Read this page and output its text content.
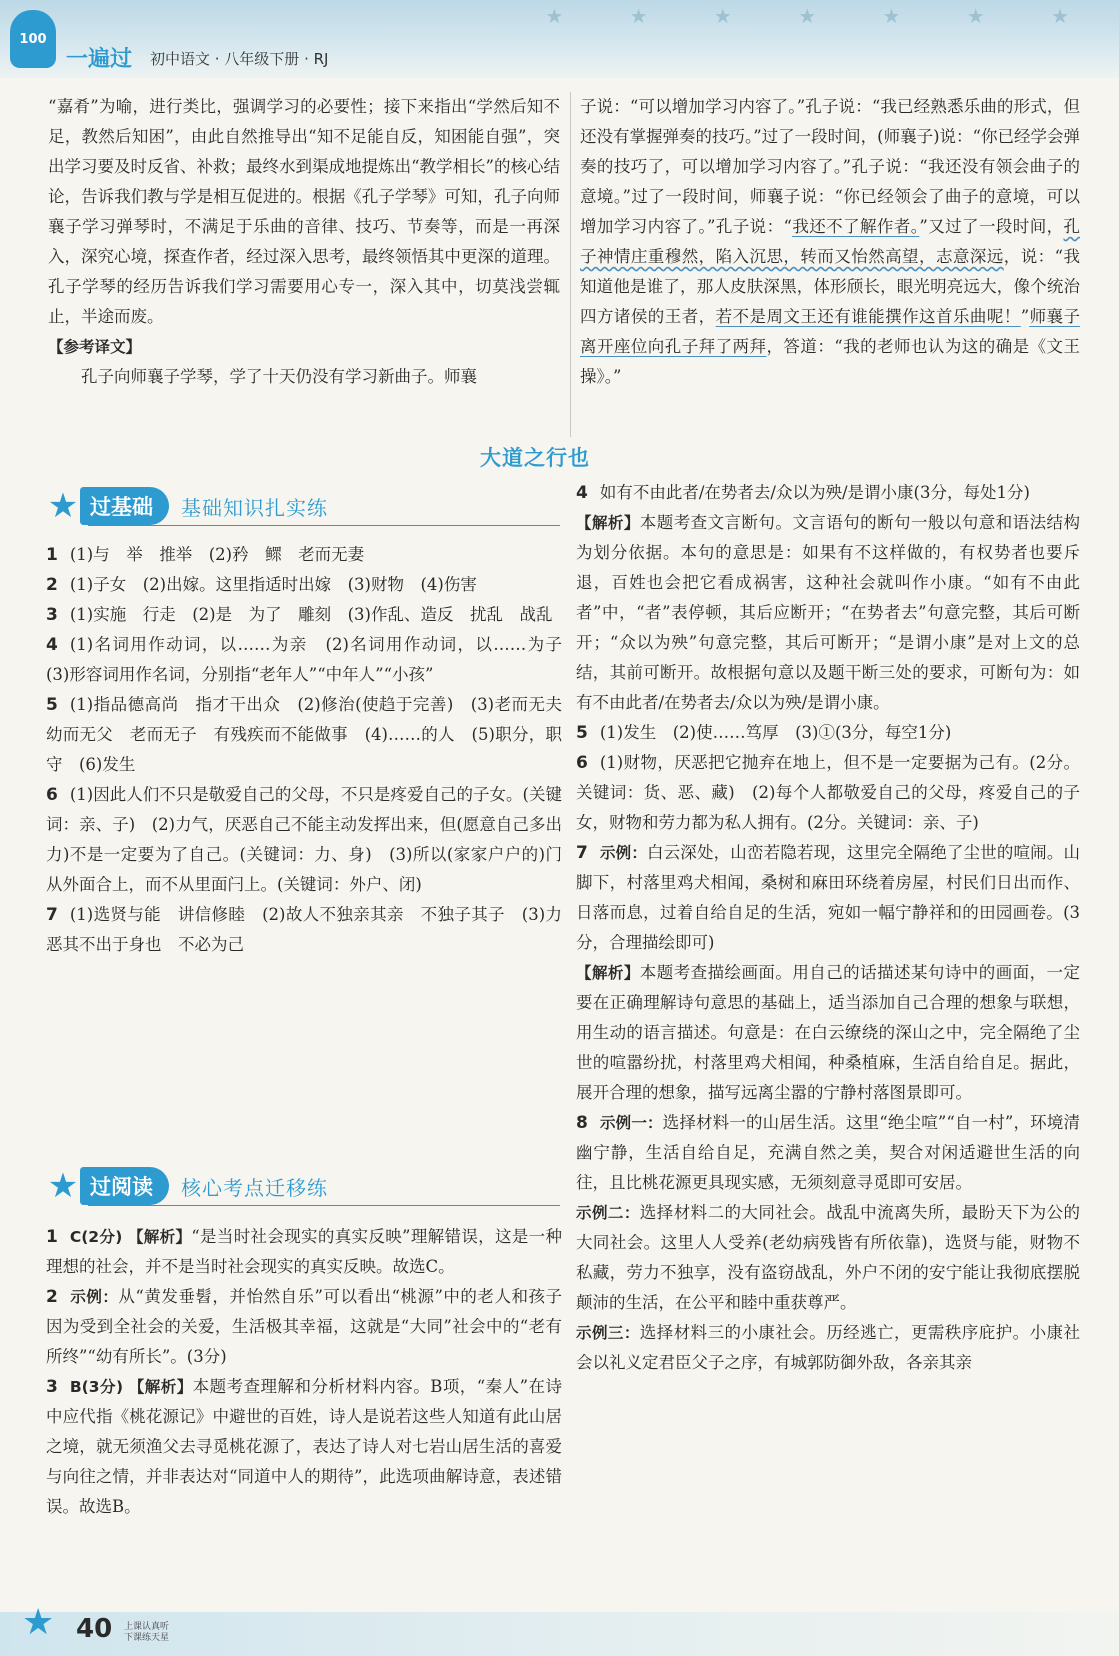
★ ★ ★ ★ ★ ★ ★
100
一遍过 初中语文 · 八年级下册 · RJ

“嘉肴”为喻，进行类比，强调学习的必要性；接下来指出“学然后知不足，教然后知困”，由此自然推导出“知不足能自反，知困能自强”，突出学习要及时反省、补救；最终水到渠成地提炼出“教学相长”的核心结论，告诉我们教与学是相互促进的。根据《孔子学琴》可知，孔子向师襄子学习弹琴时，不满足于乐曲的音律、技巧、节奏等，而是一再深入，深究心境，探查作者，经过深入思考，最终领悟其中更深的道理。孔子学琴的经历告诉我们学习需要用心专一，深入其中，切莫浅尝辄止，半途而废。

【参考译文】

孔子向师襄子学琴，学了十天仍没有学习新曲子。师襄

子说：“可以增加学习内容了。”孔子说：“我已经熟悉乐曲的形式，但还没有掌握弹奏的技巧。”过了一段时间，(师襄子)说：“你已经学会弹奏的技巧了，可以增加学习内容了。”孔子说：“我还没有领会曲子的意境。”过了一段时间，师襄子说：“你已经领会了曲子的意境，可以增加学习内容了。”孔子说：“我还不了解作者。”又过了一段时间，孔子神情庄重穆然，陷入沉思，转而又怡然高望，志意深远，说：“我知道他是谁了，那人皮肤深黑，体形颀长，眼光明亮远大，像个统治四方诸侯的王者，若不是周文王还有谁能撰作这首乐曲呢！”师襄子离开座位向孔子拜了两拜，答道：“我的老师也认为这的确是《文王操》。”

大道之行也
★ 过基础	基础知识扎实练

1 (1)与　举　推举　(2)矜　鳏　老而无妻

2 (1)子女　(2)出嫁。这里指适时出嫁　(3)财物　(4)伤害

3 (1)实施　行走　(2)是　为了　雕刻　(3)作乱、造反　扰乱　战乱

4 (1)名词用作动词，以……为亲　(2)名词用作动词，以……为子　(3)形容词用作名词，分别指“老年人”“中年人”“小孩”

5 (1)指品德高尚　指才干出众　(2)修治(使趋于完善)　(3)老而无夫　幼而无父　老而无子　有残疾而不能做事　(4)……的人　(5)职分，职守　(6)发生

6 (1)因此人们不只是敬爱自己的父母，不只是疼爱自己的子女。(关键词：亲、子)　(2)力气，厌恶自己不能主动发挥出来，但(愿意自己多出力)不是一定要为了自己。(关键词：力、身)　(3)所以(家家户户的)门从外面合上，而不从里面闩上。(关键词：外户、闭)

7 (1)选贤与能　讲信修睦　(2)故人不独亲其亲　不独子其子　(3)力　恶其不出于身也　不必为己

★ 过阅读	核心考点迁移练

1 C(2分) 【解析】“是当时社会现实的真实反映”理解错误，这是一种理想的社会，并不是当时社会现实的真实反映。故选C。

2 示例：从“黄发垂髫，并怡然自乐”可以看出“桃源”中的老人和孩子因为受到全社会的关爱，生活极其幸福，这就是“大同”社会中的“老有所终”“幼有所长”。(3分)

3 B(3分) 【解析】本题考查理解和分析材料内容。B项，“秦人”在诗中应代指《桃花源记》中避世的百姓，诗人是说若这些人知道有此山居之境，就无须渔父去寻觅桃花源了，表达了诗人对七岩山居生活的喜爱与向往之情，并非表达对“同道中人的期待”，此选项曲解诗意，表述错误。故选B。

4 如有不由此者/在势者去/众以为殃/是谓小康(3分，每处1分)

【解析】本题考查文言断句。文言语句的断句一般以句意和语法结构为划分依据。本句的意思是：如果有不这样做的，有权势者也要斥退，百姓也会把它看成祸害，这种社会就叫作小康。“如有不由此者”中，“者”表停顿，其后应断开；“在势者去”句意完整，其后可断开；“众以为殃”句意完整，其后可断开；“是谓小康”是对上文的总结，其前可断开。故根据句意以及题干断三处的要求，可断句为：如有不由此者/在势者去/众以为殃/是谓小康。

5 (1)发生　(2)使……笃厚　(3)①(3分，每空1分)

6 (1)财物，厌恶把它抛弃在地上，但不是一定要据为己有。(2分。关键词：货、恶、藏)　(2)每个人都敬爱自己的父母，疼爱自己的子女，财物和劳力都为私人拥有。(2分。关键词：亲、子)

7 示例：白云深处，山峦若隐若现，这里完全隔绝了尘世的喧闹。山脚下，村落里鸡犬相闻，桑树和麻田环绕着房屋，村民们日出而作、日落而息，过着自给自足的生活，宛如一幅宁静祥和的田园画卷。(3分，合理描绘即可)

【解析】本题考查描绘画面。用自己的话描述某句诗中的画面，一定要在正确理解诗句意思的基础上，适当添加自己合理的想象与联想，用生动的语言描述。句意是：在白云缭绕的深山之中，完全隔绝了尘世的喧嚣纷扰，村落里鸡犬相闻，种桑植麻，生活自给自足。据此，展开合理的想象，描写远离尘嚣的宁静村落图景即可。

8 示例一：选择材料一的山居生活。这里“绝尘喧”“自一村”，环境清幽宁静，生活自给自足，充满自然之美，契合对闲适避世生活的向往，且比桃花源更具现实感，无须刻意寻觅即可安居。

示例二：选择材料二的大同社会。战乱中流离失所，最盼天下为公的大同社会。这里人人受养(老幼病残皆有所依靠)，选贤与能，财物不私藏，劳力不独享，没有盗窃战乱，外户不闭的安宁能让我彻底摆脱颠沛的生活，在公平和睦中重获尊严。

示例三：选择材料三的小康社会。历经逃亡，更需秩序庇护。小康社会以礼义定君臣父子之序，有城郭防御外敌，各亲其亲

★ 40 上课认真听
下课练天星
